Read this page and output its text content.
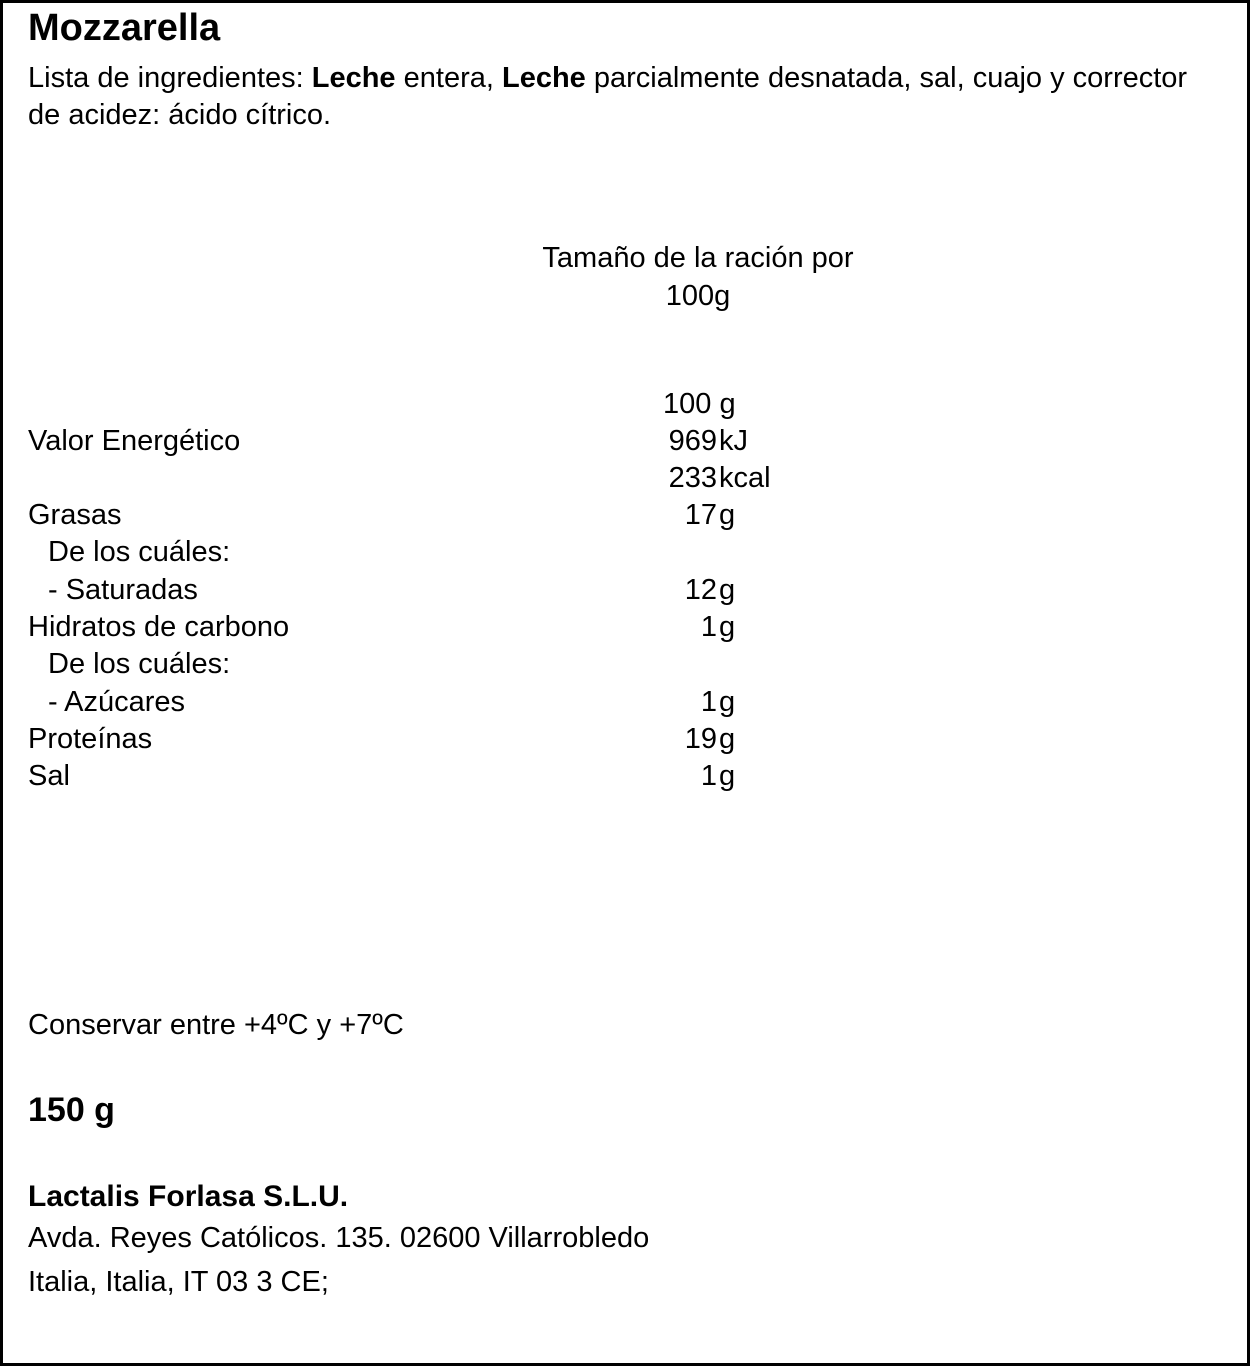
Mozzarella
Lista de ingredientes: Leche entera, Leche parcialmente desnatada, sal, cuajo y corrector de acidez: ácido cítrico.
Tamaño de la ración por
100g
100 g
Valor Energético	969 kJ
233 kcal
Grasas	17 g
De los cuáles:
- Saturadas	12 g
Hidratos de carbono	1 g
De los cuáles:
- Azúcares	1 g
Proteínas	19 g
Sal	1 g
Conservar entre +4ºC y +7ºC
150 g
Lactalis Forlasa S.L.U.
Avda. Reyes Católicos. 135. 02600 Villarrobledo
Italia, Italia, IT 03 3 CE;
